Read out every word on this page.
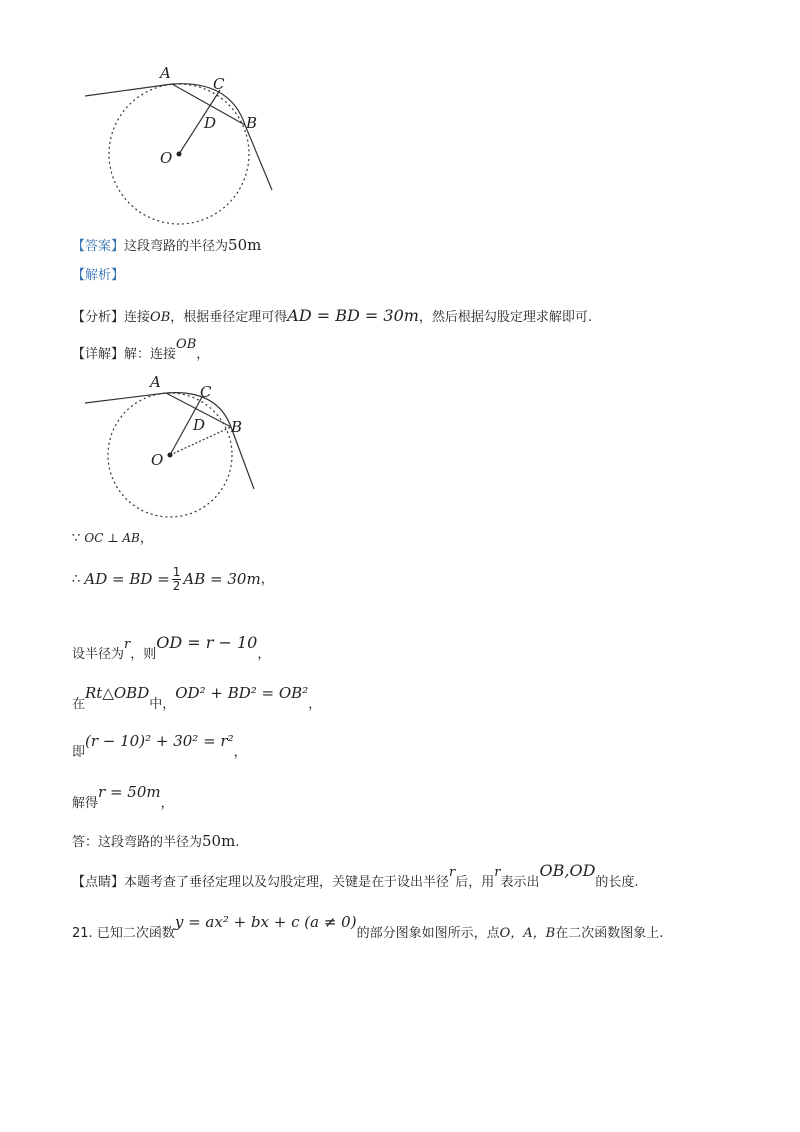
A
C
D B
O
【答案】这段弯路的半径为50m
【解析】
【分析】连接OB，根据垂径定理可得AD = BD = 30m，然后根据勾股定理求解即可.
【详解】解：连接OB，
A
C
D B
O
∵ OC ⊥ AB，
∴ AD = BD = $\frac{1}{2}$ AB = 30m，
设半径为r，则OD = r − 10，
在Rt△OBD中，OD² + BD² = OB²，
即(r − 10)² + 30² = r²，
解得r = 50m，
答：这段弯路的半径为50m.
【点睛】本题考查了垂径定理以及勾股定理，关键是在于设出半径r后，用r表示出OB,OD的长度.
21. 已知二次函数y = ax² + bx + c (a ≠ 0)的部分图象如图所示，点O，A，B在二次函数图象上.
